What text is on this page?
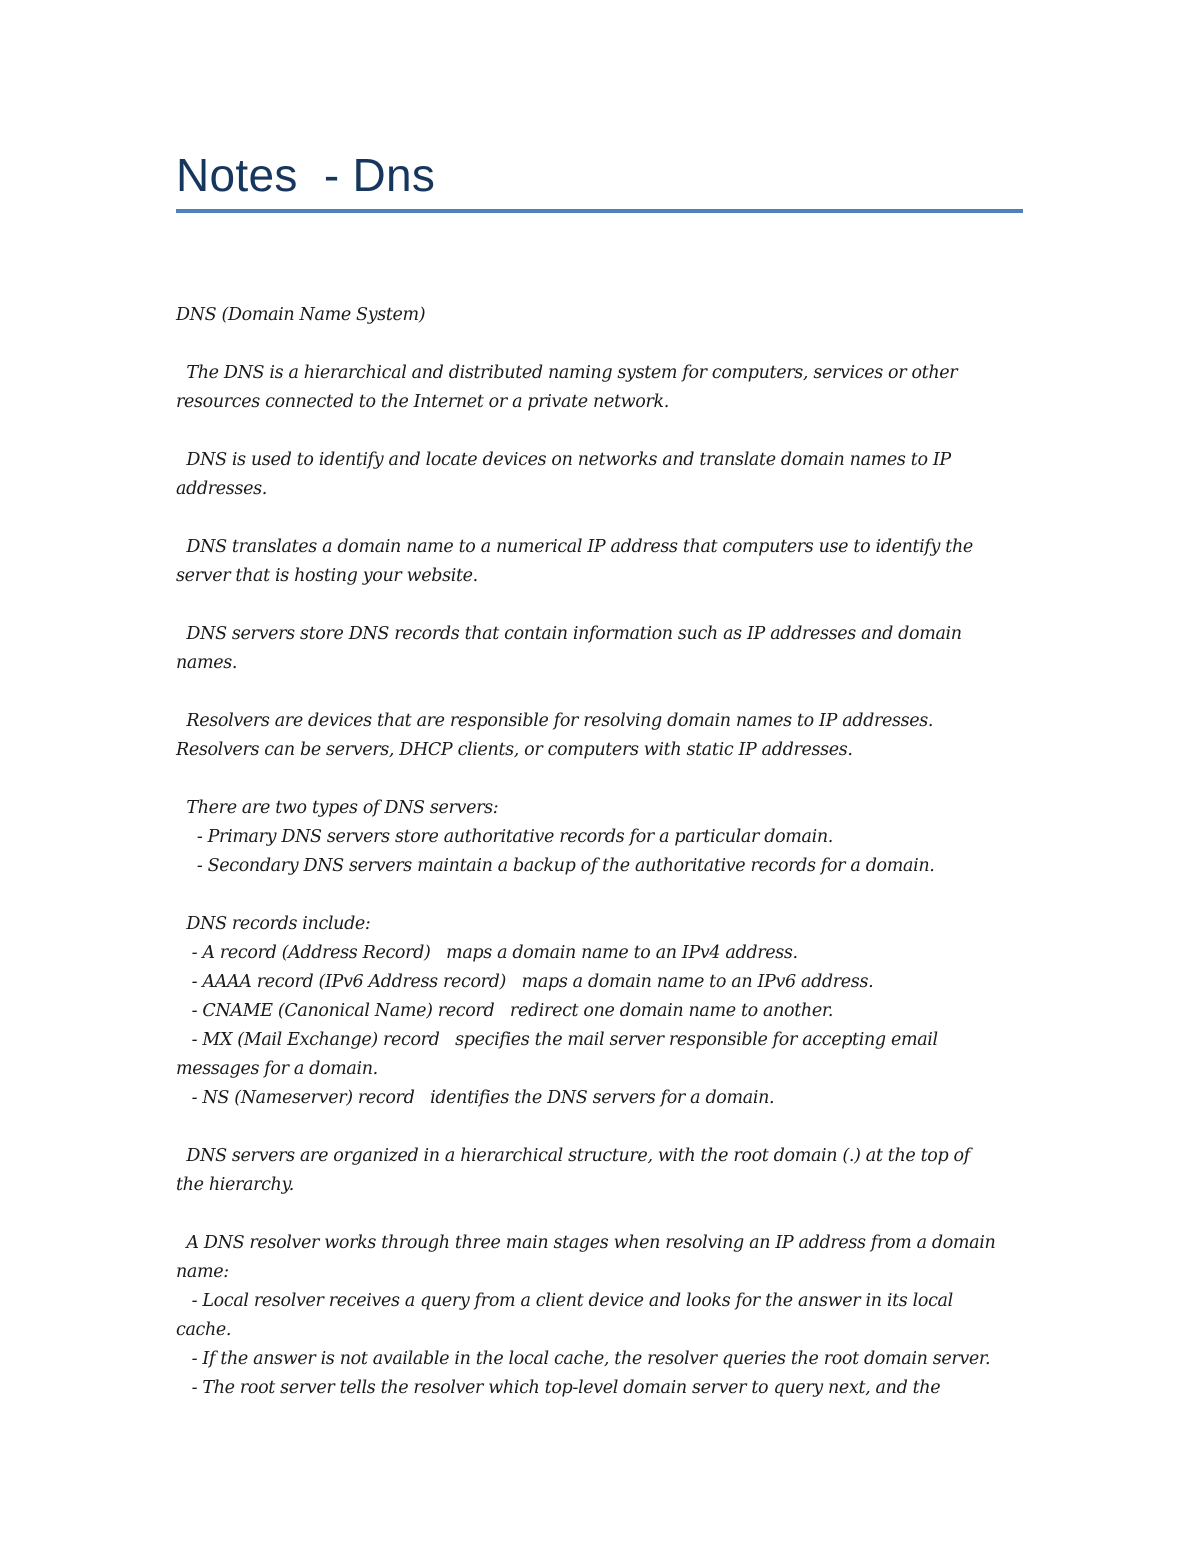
Notes  - Dns
DNS (Domain Name System)
The DNS is a hierarchical and distributed naming system for computers, services or other
resources connected to the Internet or a private network.
DNS is used to identify and locate devices on networks and translate domain names to IP
addresses.
DNS translates a domain name to a numerical IP address that computers use to identify the
server that is hosting your website.
DNS servers store DNS records that contain information such as IP addresses and domain
names.
Resolvers are devices that are responsible for resolving domain names to IP addresses.
Resolvers can be servers, DHCP clients, or computers with static IP addresses.
There are two types of DNS servers:
- Primary DNS servers store authoritative records for a particular domain.
- Secondary DNS servers maintain a backup of the authoritative records for a domain.
DNS records include:
- A record (Address Record)   maps a domain name to an IPv4 address.
- AAAA record (IPv6 Address record)   maps a domain name to an IPv6 address.
- CNAME (Canonical Name) record   redirect one domain name to another.
- MX (Mail Exchange) record   specifies the mail server responsible for accepting email
messages for a domain.
- NS (Nameserver) record   identifies the DNS servers for a domain.
DNS servers are organized in a hierarchical structure, with the root domain (.) at the top of
the hierarchy.
A DNS resolver works through three main stages when resolving an IP address from a domain
name:
- Local resolver receives a query from a client device and looks for the answer in its local
cache.
- If the answer is not available in the local cache, the resolver queries the root domain server.
- The root server tells the resolver which top-level domain server to query next, and the
